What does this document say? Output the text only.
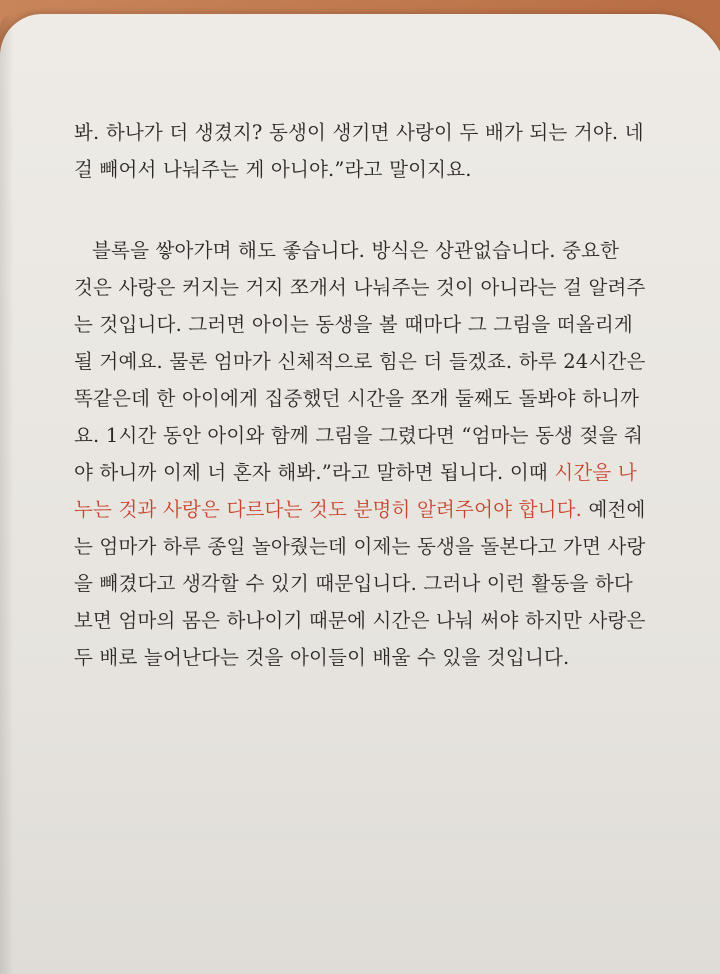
봐. 하나가 더 생겼지? 동생이 생기면 사랑이 두 배가 되는 거야. 네
걸 빼어서 나눠주는 게 아니야.”라고 말이지요.
블록을 쌓아가며 해도 좋습니다. 방식은 상관없습니다. 중요한
것은 사랑은 커지는 거지 쪼개서 나눠주는 것이 아니라는 걸 알려주
는 것입니다. 그러면 아이는 동생을 볼 때마다 그 그림을 떠올리게
될 거예요. 물론 엄마가 신체적으로 힘은 더 들겠죠. 하루 24시간은
똑같은데 한 아이에게 집중했던 시간을 쪼개 둘째도 돌봐야 하니까
요. 1시간 동안 아이와 함께 그림을 그렸다면 “엄마는 동생 젖을 줘
야 하니까 이제 너 혼자 해봐.”라고 말하면 됩니다. 이때 시간을 나
누는 것과 사랑은 다르다는 것도 분명히 알려주어야 합니다. 예전에
는 엄마가 하루 종일 놀아줬는데 이제는 동생을 돌본다고 가면 사랑
을 빼겼다고 생각할 수 있기 때문입니다. 그러나 이런 활동을 하다
보면 엄마의 몸은 하나이기 때문에 시간은 나눠 써야 하지만 사랑은
두 배로 늘어난다는 것을 아이들이 배울 수 있을 것입니다.
